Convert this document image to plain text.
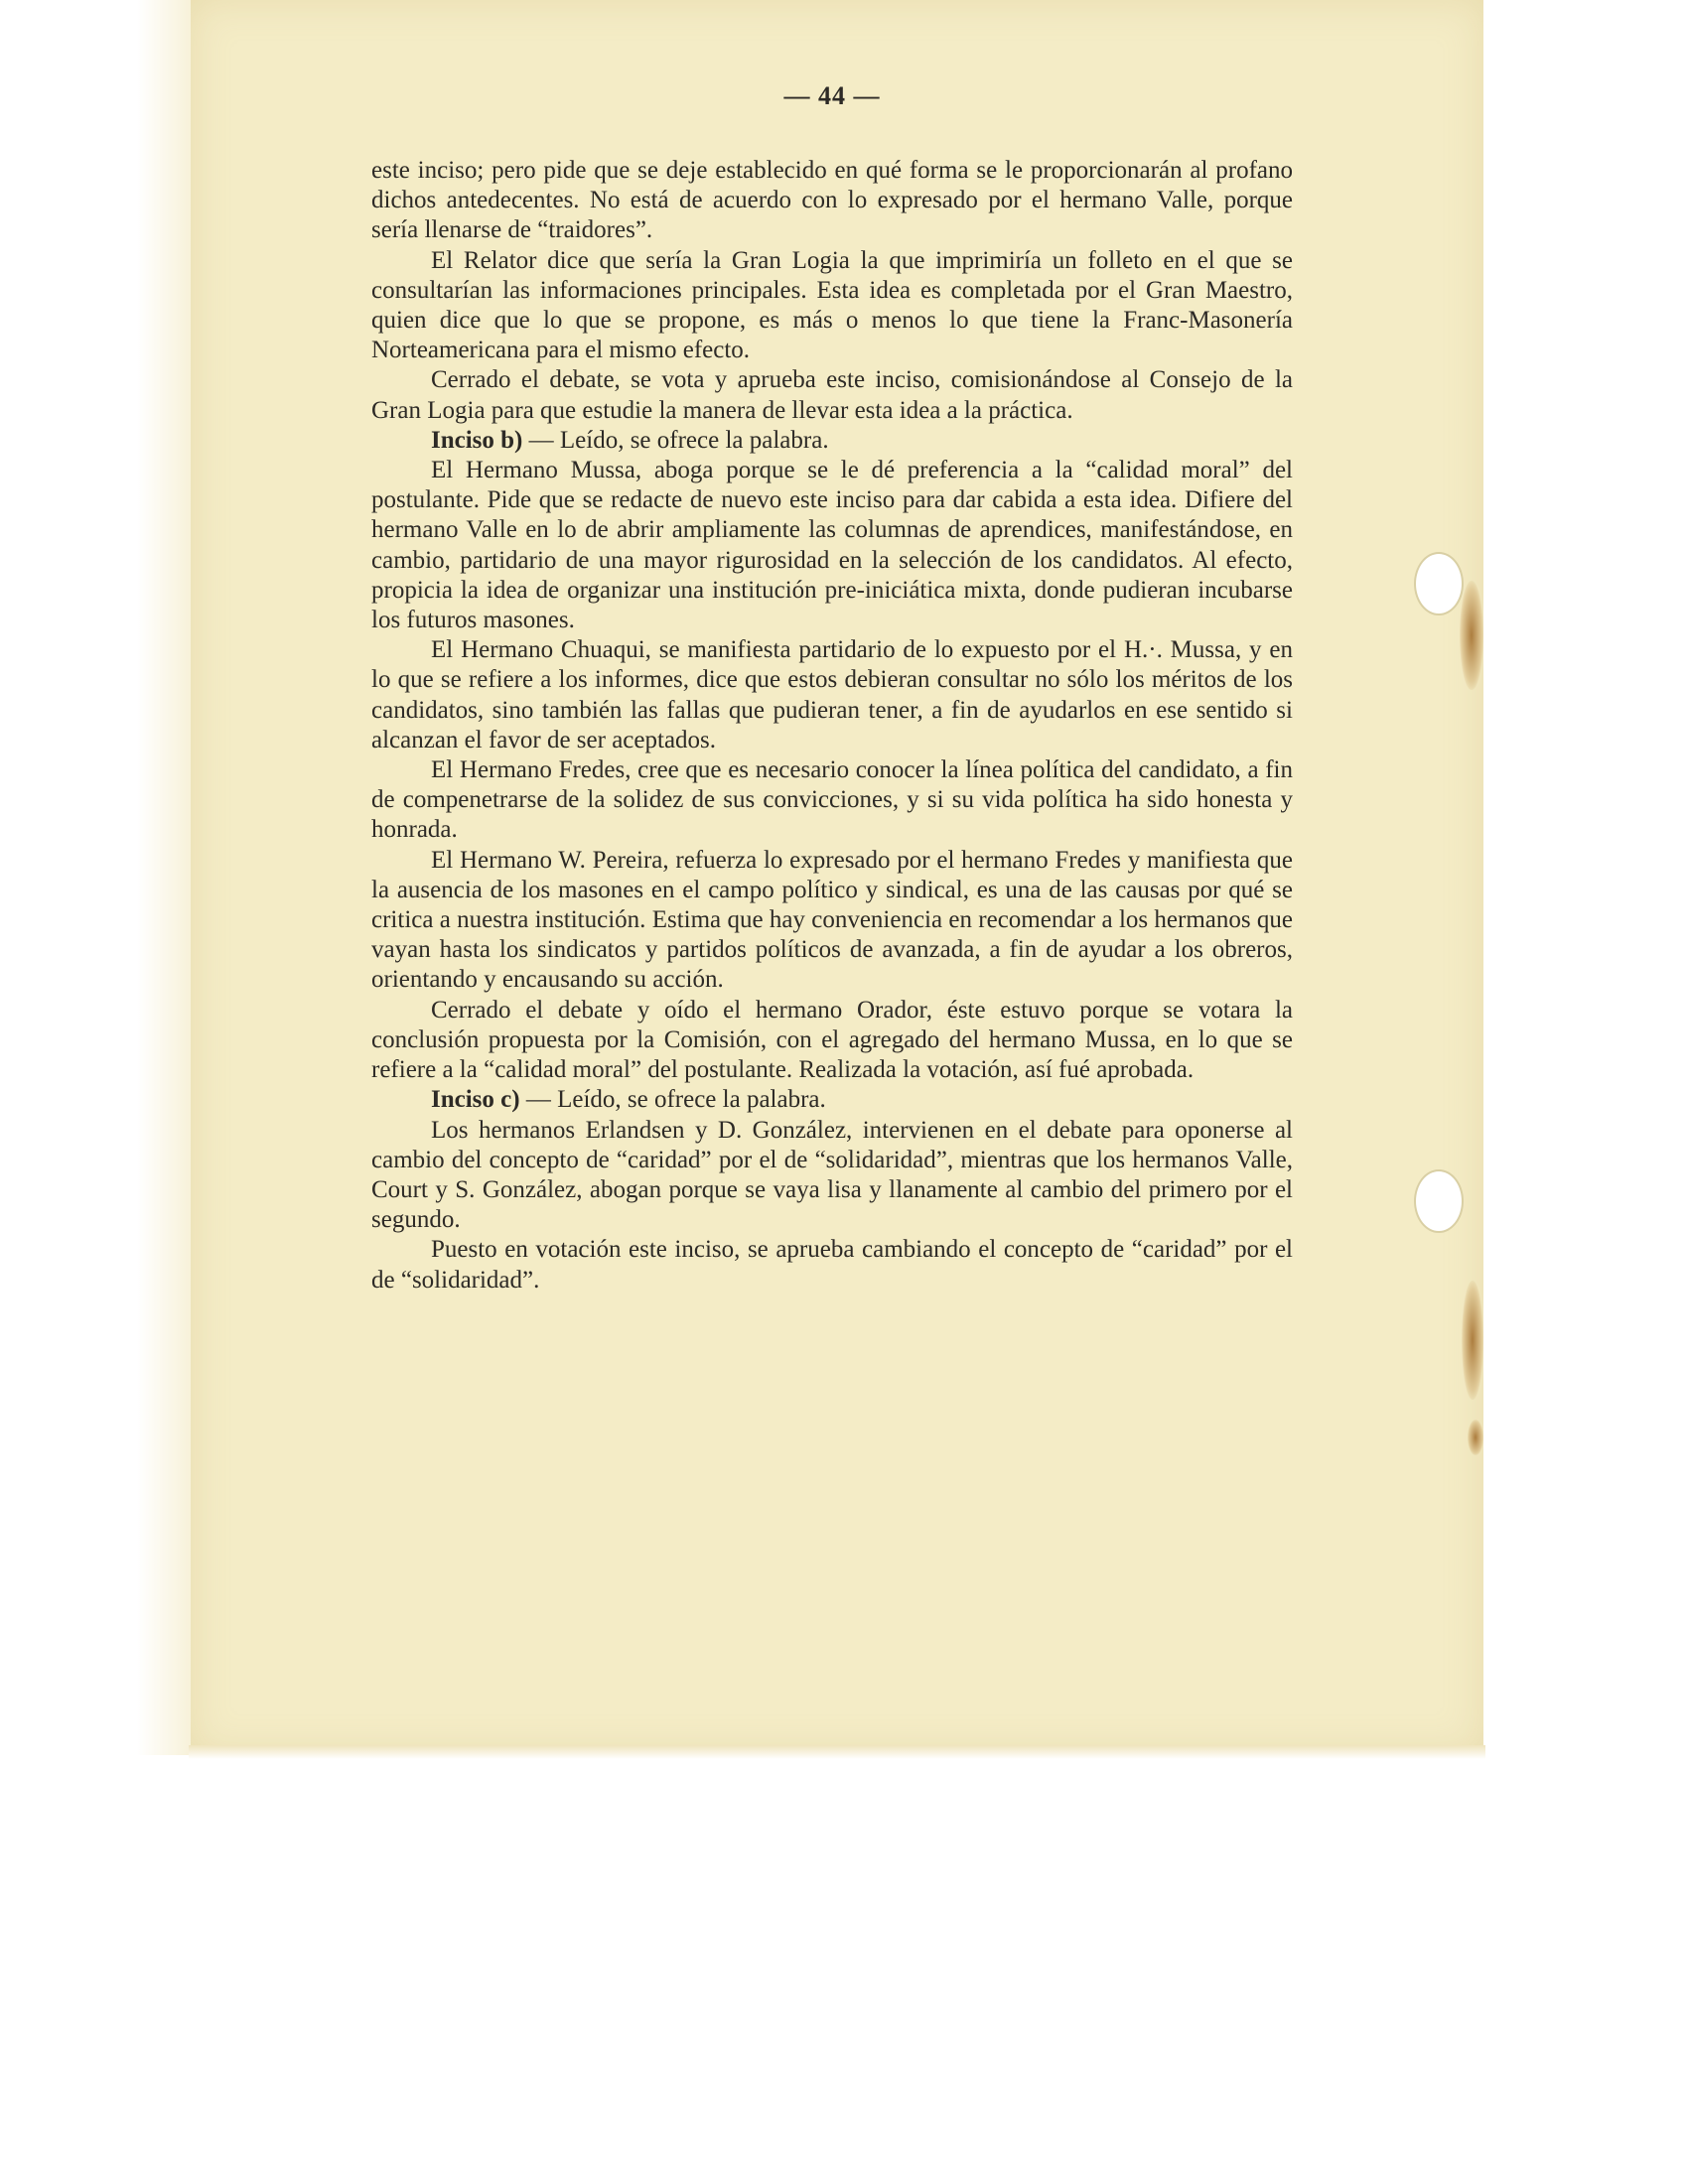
— 44 —

este inciso; pero pide que se deje establecido en qué forma se le proporcionarán al profano dichos antedecentes. No está de acuerdo con lo expresado por el hermano Valle, porque sería llenarse de “traidores”.

El Relator dice que sería la Gran Logia la que imprimiría un folleto en el que se consultarían las informaciones principales. Esta idea es completada por el Gran Maestro, quien dice que lo que se propone, es más o menos lo que tiene la Franc-Masonería Norteamericana para el mismo efecto.

Cerrado el debate, se vota y aprueba este inciso, comisionándose al Consejo de la Gran Logia para que estudie la manera de llevar esta idea a la práctica.

Inciso b) — Leído, se ofrece la palabra.

El Hermano Mussa, aboga porque se le dé preferencia a la “calidad moral” del postulante. Pide que se redacte de nuevo este inciso para dar cabida a esta idea. Difiere del hermano Valle en lo de abrir ampliamente las columnas de aprendices, manifestándose, en cambio, partidario de una mayor rigurosidad en la selección de los candidatos. Al efecto, propicia la idea de organizar una institución pre-iniciática mixta, donde pudieran incubarse los futuros masones.

El Hermano Chuaqui, se manifiesta partidario de lo expuesto por el H.·. Mussa, y en lo que se refiere a los informes, dice que estos debieran consultar no sólo los méritos de los candidatos, sino también las fallas que pudieran tener, a fin de ayudarlos en ese sentido si alcanzan el favor de ser aceptados.

El Hermano Fredes, cree que es necesario conocer la línea política del candidato, a fin de compenetrarse de la solidez de sus convicciones, y si su vida política ha sido honesta y honrada.

El Hermano W. Pereira, refuerza lo expresado por el hermano Fredes y manifiesta que la ausencia de los masones en el campo político y sindical, es una de las causas por qué se critica a nuestra institución. Estima que hay conveniencia en recomendar a los hermanos que vayan hasta los sindicatos y partidos políticos de avanzada, a fin de ayudar a los obreros, orientando y encausando su acción.

Cerrado el debate y oído el hermano Orador, éste estuvo porque se votara la conclusión propuesta por la Comisión, con el agregado del hermano Mussa, en lo que se refiere a la “calidad moral” del postulante. Realizada la votación, así fué aprobada.

Inciso c) — Leído, se ofrece la palabra.

Los hermanos Erlandsen y D. González, intervienen en el debate para oponerse al cambio del concepto de “caridad” por el de “solidaridad”, mientras que los hermanos Valle, Court y S. González, abogan porque se vaya lisa y llanamente al cambio del primero por el segundo.

Puesto en votación este inciso, se aprueba cambiando el concepto de “caridad” por el de “solidaridad”.
